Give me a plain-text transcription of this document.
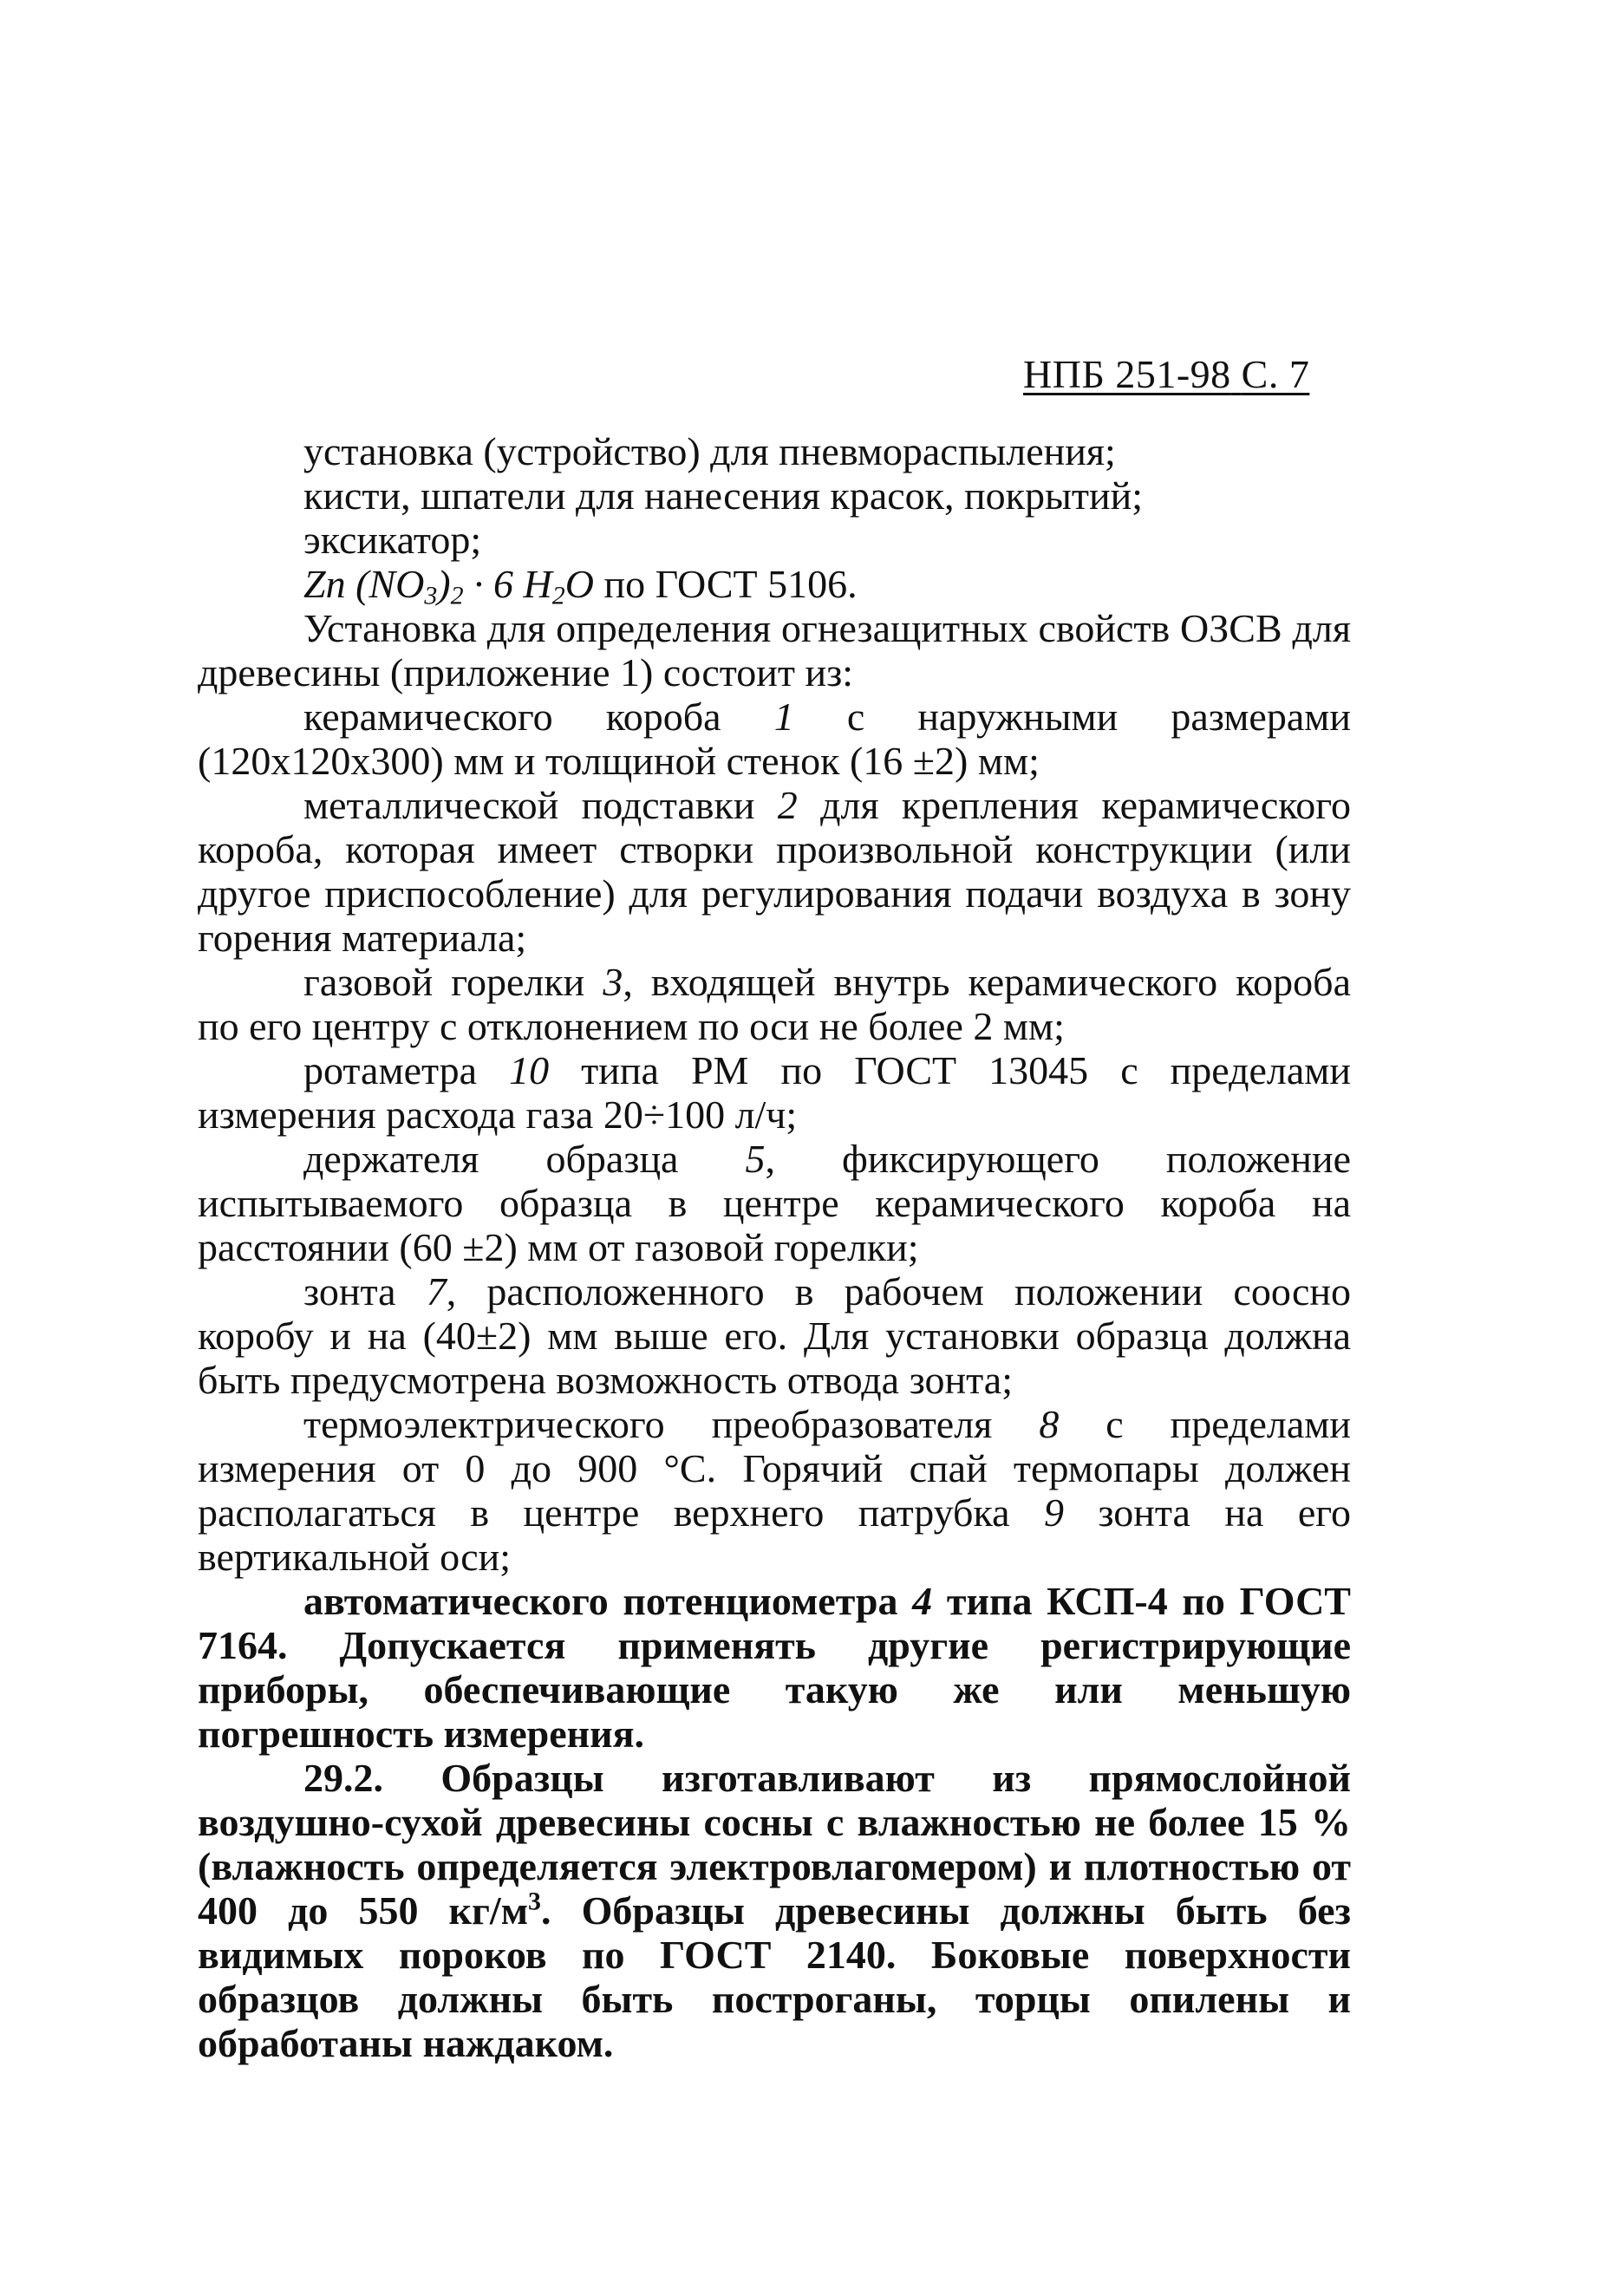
НПБ 251-98 С. 7

установка (устройство) для пневмораспыления;

кисти, шпатели для нанесения красок, покрытий;

эксикатор;

Zn $(NO_3)_2 \cdot 6$ $H_2O$ по ГОСТ 5106.

Установка для определения огнезащитных свойств ОЗСВ для древесины (приложение 1) состоит из:

керамического короба 1 с наружными размерами (120x120x300) мм и толщиной стенок (16 ±2) мм;

металлической подставки 2 для крепления керамического короба, которая имеет створки произвольной конструкции (или другое приспособление) для регулирования подачи воздуха в зону горения материала;

газовой горелки 3, входящей внутрь керамического короба по его центру с отклонением по оси не более 2 мм;

ротаметра 10 типа РМ по ГОСТ 13045 с пределами измерения расхода газа 20÷100 л/ч;

держателя образца 5, фиксирующего положение испытываемого образца в центре керамического короба на расстоянии (60 ±2) мм от газовой горелки;

зонта 7, расположенного в рабочем положении соосно коробу и на (40±2) мм выше его. Для установки образца должна быть предусмотрена возможность отвода зонта;

термоэлектрического преобразователя 8 с пределами измерения от 0 до 900 °С. Горячий спай термопары должен располагаться в центре верхнего патрубка 9 зонта на его вертикальной оси;

автоматического потенциометра 4 типа КСП-4 по ГОСТ 7164. Допускается применять другие регистрирующие приборы, обеспечивающие такую же или меньшую погрешность измерения.

29.2. Образцы изготавливают из прямослойной воздушно-сухой древесины сосны с влажностью не более 15 % (влажность определяется электровлагомером) и плотностью от 400 до 550 $кг/м^3$. Образцы древесины должны быть без видимых пороков по ГОСТ 2140. Боковые поверхности образцов должны быть построганы, торцы опилены и обработаны наждаком.
